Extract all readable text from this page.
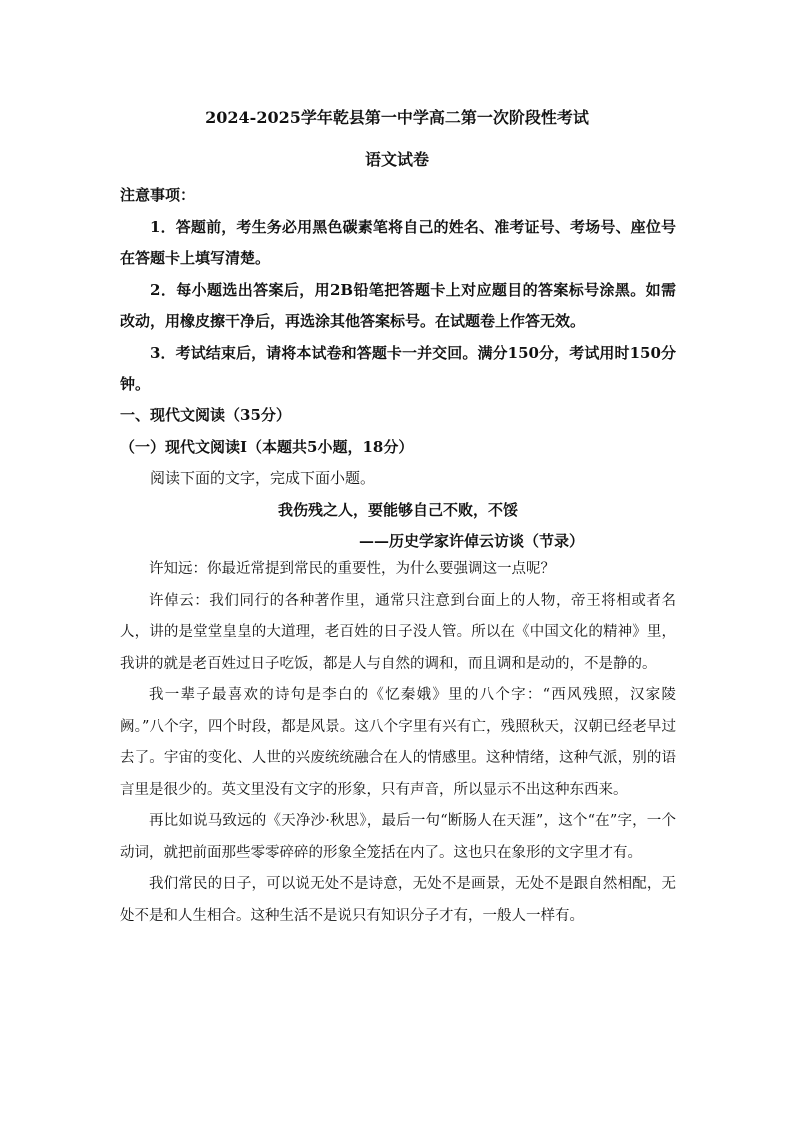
2024-2025学年乾县第一中学高二第一次阶段性考试
语文试卷

注意事项：

1．答题前，考生务必用黑色碳素笔将自己的姓名、准考证号、考场号、座位号在答题卡上填写清楚。

2．每小题选出答案后，用2B铅笔把答题卡上对应题目的答案标号涂黑。如需改动，用橡皮擦干净后，再选涂其他答案标号。在试题卷上作答无效。

3．考试结束后，请将本试卷和答题卡一并交回。满分150分，考试用时150分钟。

一、现代文阅读（35分）

（一）现代文阅读Ⅰ（本题共5小题，18分）

阅读下面的文字，完成下面小题。

我伤残之人，要能够自己不败，不馁

——历史学家许倬云访谈（节录）

许知远：你最近常提到常民的重要性，为什么要强调这一点呢？

许倬云：我们同行的各种著作里，通常只注意到台面上的人物，帝王将相或者名人，讲的是堂堂皇皇的大道理，老百姓的日子没人管。所以在《中国文化的精神》里，我讲的就是老百姓过日子吃饭，都是人与自然的调和，而且调和是动的，不是静的。

我一辈子最喜欢的诗句是李白的《忆秦娥》里的八个字：“西风残照，汉家陵阙。”八个字，四个时段，都是风景。这八个字里有兴有亡，残照秋天，汉朝已经老早过去了。宇宙的变化、人世的兴废统统融合在人的情感里。这种情绪，这种气派，别的语言里是很少的。英文里没有文字的形象，只有声音，所以显示不出这种东西来。

再比如说马致远的《天净沙·秋思》，最后一句“断肠人在天涯”，这个“在”字，一个动词，就把前面那些零零碎碎的形象全笼括在内了。这也只在象形的文字里才有。

我们常民的日子，可以说无处不是诗意，无处不是画景，无处不是跟自然相配，无处不是和人生相合。这种生活不是说只有知识分子才有，一般人一样有。
